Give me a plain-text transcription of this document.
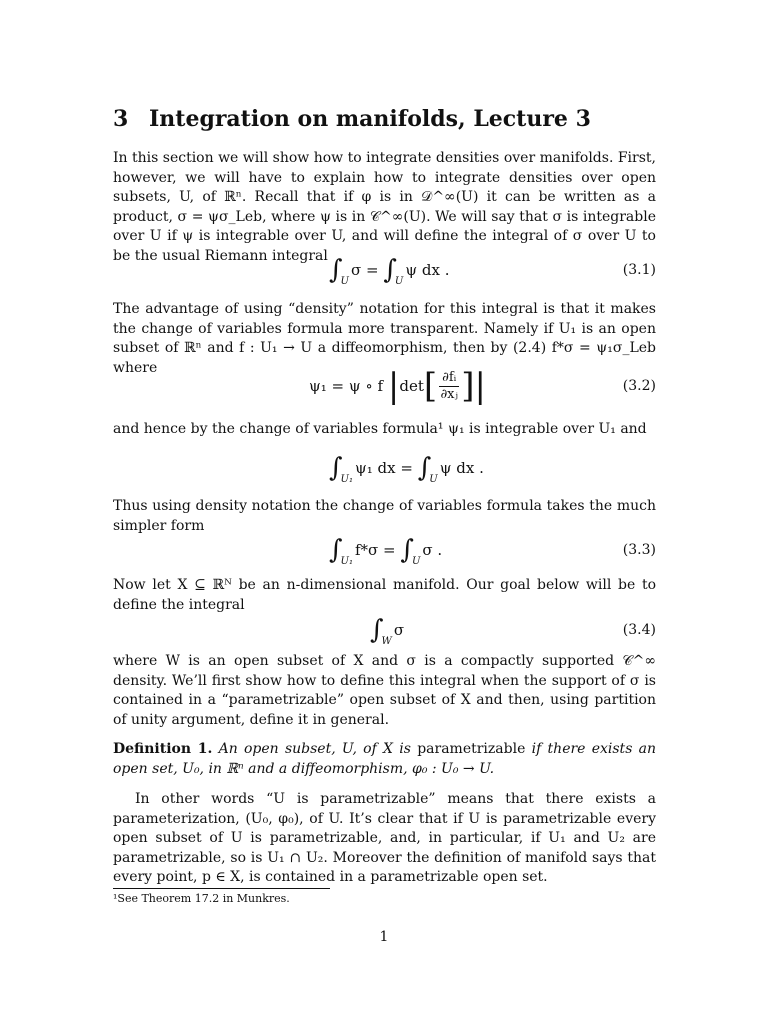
3 Integration on manifolds, Lecture 3

In this section we will show how to integrate densities over manifolds. First, however, we will have to explain how to integrate densities over open subsets, U, of ℝⁿ. Recall that if φ is in 𝒟^∞(U) it can be written as a product, σ = ψσ_Leb, where ψ is in 𝒞^∞(U). We will say that σ is integrable over U if ψ is integrable over U, and will define the integral of σ over U to be the usual Riemann integral ∫
U
σ =
∫
U
ψ dx .	(3.1)

The advantage of using “density” notation for this integral is that it makes the change of variables formula more transparent. Namely if U₁ is an open subset of ℝⁿ and f : U₁ → U a diffeomorphism, then by (2.4) f*σ = ψ₁σ_Leb where

ψ₁ = ψ ∘ f
| det [ $\frac{\text{∂fᵢ}}{\text{∂xⱼ}}$ ] |	(3.2)

and hence by the change of variables formula¹ ψ₁ is integrable over U₁ and

∫
U₁
ψ₁ dx =
∫
U
ψ dx .

Thus using density notation the change of variables formula takes the much simpler form

∫
U₁
f*σ =
∫
U
σ .	(3.3)

Now let X ⊆ ℝᴺ be an n-dimensional manifold. Our goal below will be to define the integral

∫
W
σ	(3.4)

where W is an open subset of X and σ is a compactly supported 𝒞^∞ density. We’ll first show how to define this integral when the support of σ is contained in a “parametrizable” open subset of X and then, using partition of unity argument, define it in general.

Definition 1. An open subset, U, of X is parametrizable if there exists an open set, U₀, in ℝⁿ and a diffeomorphism, φ₀ : U₀ → U.

In other words “U is parametrizable” means that there exists a parameterization, (U₀, φ₀), of U. It’s clear that if U is parametrizable every open subset of U is parametrizable, and, in particular, if U₁ and U₂ are parametrizable, so is U₁ ∩ U₂. Moreover the definition of manifold says that every point, p ∈ X, is contained in a parametrizable open set.

¹See Theorem 17.2 in Munkres.
1
